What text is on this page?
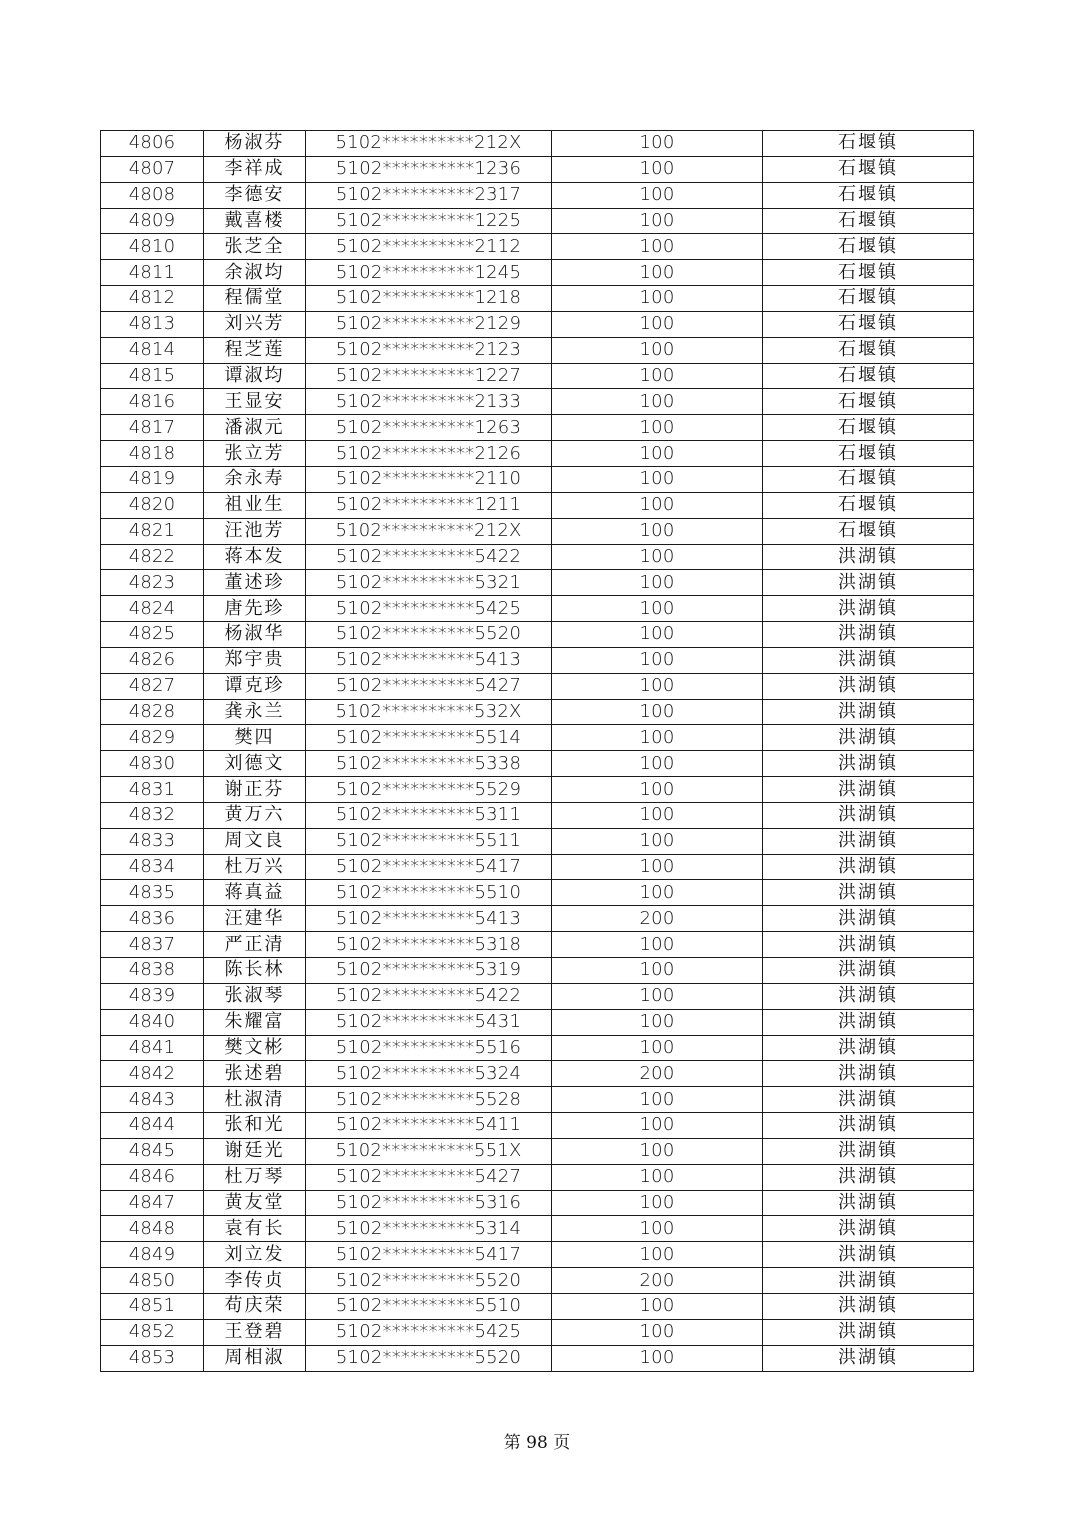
4806	杨淑芬	5102**********212X	100	石堰镇
4807	李祥成	5102**********1236	100	石堰镇
4808	李德安	5102**********2317	100	石堰镇
4809	戴喜楼	5102**********1225	100	石堰镇
4810	张芝全	5102**********2112	100	石堰镇
4811	余淑均	5102**********1245	100	石堰镇
4812	程儒堂	5102**********1218	100	石堰镇
4813	刘兴芳	5102**********2129	100	石堰镇
4814	程芝莲	5102**********2123	100	石堰镇
4815	谭淑均	5102**********1227	100	石堰镇
4816	王显安	5102**********2133	100	石堰镇
4817	潘淑元	5102**********1263	100	石堰镇
4818	张立芳	5102**********2126	100	石堰镇
4819	余永寿	5102**********2110	100	石堰镇
4820	祖业生	5102**********1211	100	石堰镇
4821	汪池芳	5102**********212X	100	石堰镇
4822	蒋本发	5102**********5422	100	洪湖镇
4823	董述珍	5102**********5321	100	洪湖镇
4824	唐先珍	5102**********5425	100	洪湖镇
4825	杨淑华	5102**********5520	100	洪湖镇
4826	郑宇贵	5102**********5413	100	洪湖镇
4827	谭克珍	5102**********5427	100	洪湖镇
4828	龚永兰	5102**********532X	100	洪湖镇
4829	樊四	5102**********5514	100	洪湖镇
4830	刘德文	5102**********5338	100	洪湖镇
4831	谢正芬	5102**********5529	100	洪湖镇
4832	黄万六	5102**********5311	100	洪湖镇
4833	周文良	5102**********5511	100	洪湖镇
4834	杜万兴	5102**********5417	100	洪湖镇
4835	蒋真益	5102**********5510	100	洪湖镇
4836	汪建华	5102**********5413	200	洪湖镇
4837	严正清	5102**********5318	100	洪湖镇
4838	陈长林	5102**********5319	100	洪湖镇
4839	张淑琴	5102**********5422	100	洪湖镇
4840	朱耀富	5102**********5431	100	洪湖镇
4841	樊文彬	5102**********5516	100	洪湖镇
4842	张述碧	5102**********5324	200	洪湖镇
4843	杜淑清	5102**********5528	100	洪湖镇
4844	张和光	5102**********5411	100	洪湖镇
4845	谢廷光	5102**********551X	100	洪湖镇
4846	杜万琴	5102**********5427	100	洪湖镇
4847	黄友堂	5102**********5316	100	洪湖镇
4848	袁有长	5102**********5314	100	洪湖镇
4849	刘立发	5102**********5417	100	洪湖镇
4850	李传贞	5102**********5520	200	洪湖镇
4851	苟庆荣	5102**********5510	100	洪湖镇
4852	王登碧	5102**********5425	100	洪湖镇
4853	周相淑	5102**********5520	100	洪湖镇
第 98 页
